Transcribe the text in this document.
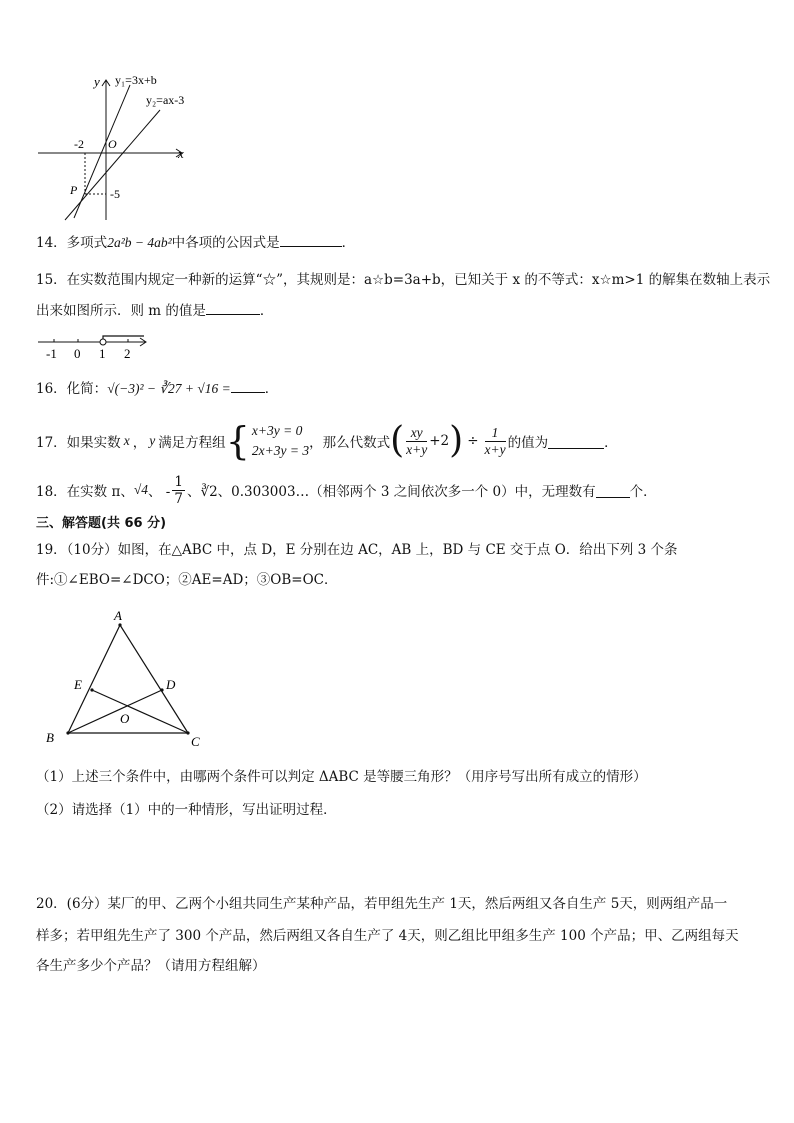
y
x
O
y₁=3x+b
y₂=ax-3
-2
-5
P
14．多项式2a²b − 4ab²中各项的公因式是	．
15．在实数范围内规定一种新的运算“☆”，其规则是：a☆b=3a+b，已知关于 x 的不等式：x☆m>1 的解集在数轴上表示
出来如图所示．则 m 的值是	．
-1 0 1 2
16．化简：√(−3)² − ∛27 + √16 =	．
17．如果实数 x ， y 满足方程组 { x+3y = 0
2x+3y = 3 ，那么代数式 ( $\frac{xy}{x+y} +2$ ) ÷ $\frac{1}{x+y}$ 的值为	．
18．在实数 π、 √4 、 - $\frac{1}{7}$ 、∛2、0.303003…（相邻两个 3 之间依次多一个 0）中，无理数有	个．
三、解答题(共 66 分)
19．（10分）如图，在△ABC 中，点 D，E 分别在边 AC，AB 上，BD 与 CE 交于点 O．给出下列 3 个条
件:①∠EBO=∠DCO；②AE=AD；③OB=OC．
A
B	C
D
E
O
（1）上述三个条件中，由哪两个条件可以判定 ΔABC 是等腰三角形？（用序号写出所有成立的情形）
（2）请选择（1）中的一种情形，写出证明过程．
20．(6分）某厂的甲、乙两个小组共同生产某种产品，若甲组先生产 1天，然后两组又各自生产 5天，则两组产品一
样多；若甲组先生产了 300 个产品，然后两组又各自生产了 4天，则乙组比甲组多生产 100 个产品；甲、乙两组每天
各生产多少个产品？（请用方程组解）
